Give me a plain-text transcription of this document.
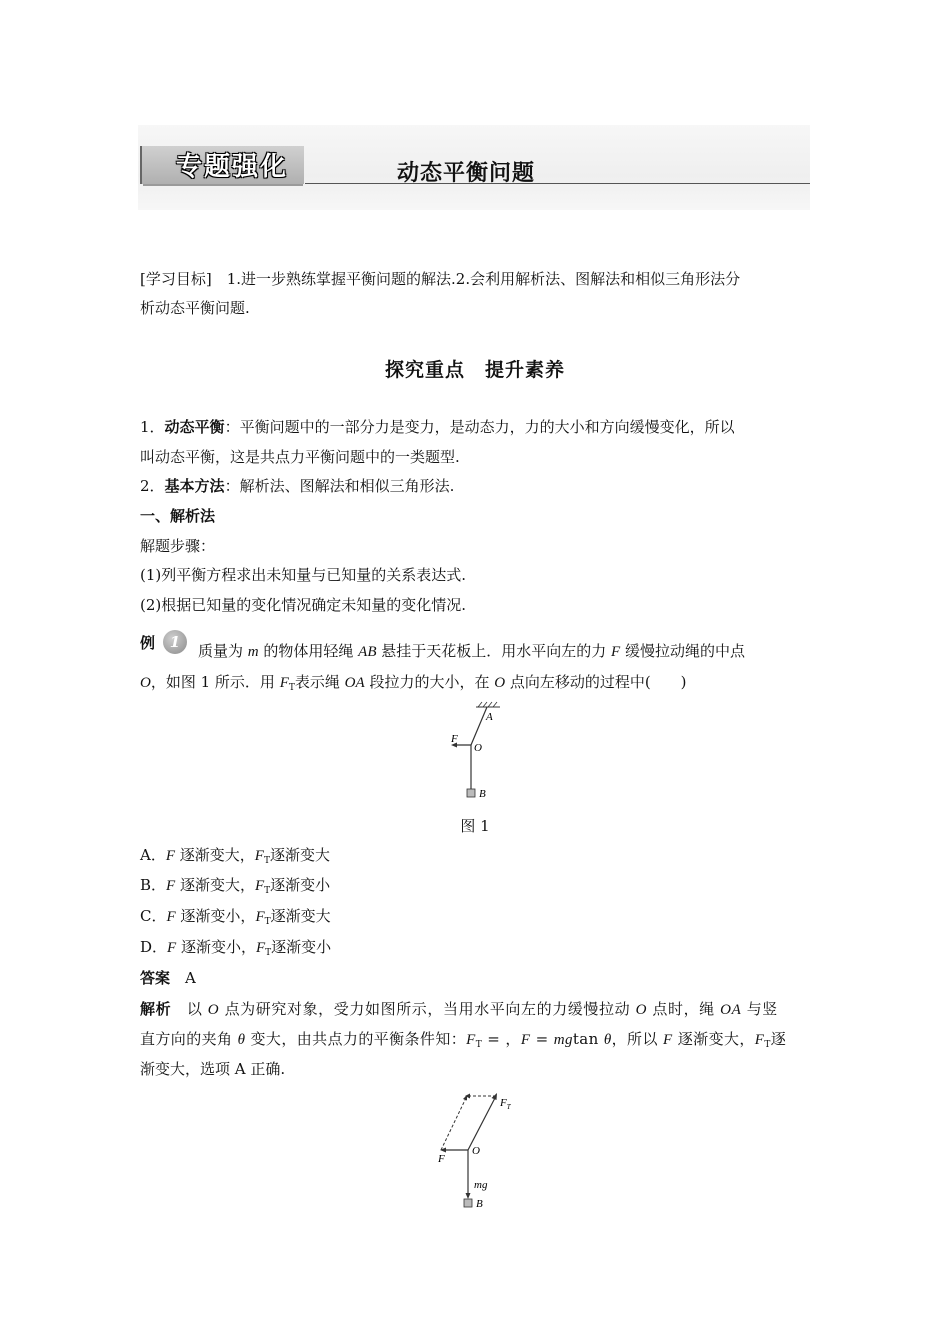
专题强化	动态平衡问题
[学习目标]　1.进一步熟练掌握平衡问题的解法.2.会利用解析法、图解法和相似三角形法分
析动态平衡问题.
探究重点　提升素养
1．动态平衡：平衡问题中的一部分力是变力，是动态力，力的大小和方向缓慢变化，所以
叫动态平衡，这是共点力平衡问题中的一类题型.
2．基本方法：解析法、图解法和相似三角形法.
一、解析法
解题步骤：
(1)列平衡方程求出未知量与已知量的关系表达式.
(2)根据已知量的变化情况确定未知量的变化情况.
例 1	质量为 m 的物体用轻绳 AB 悬挂于天花板上．用水平向左的力 F 缓慢拉动绳的中点
O，如图 1 所示．用 $F_T$表示绳 OA 段拉力的大小，在 O 点向左移动的过程中(　　)
A
O
F
B
图 1
A．F 逐渐变大，$F_T$逐渐变大
B．F 逐渐变大，$F_T$逐渐变小
C．F 逐渐变小，$F_T$逐渐变大
D．F 逐渐变小，$F_T$逐渐变小
答案　 A
解析　 以 O 点为研究对象，受力如图所示，当用水平向左的力缓慢拉动 O 点时，绳 OA 与竖
直方向的夹角 θ 变大，由共点力的平衡条件知：$F_T$ = ，F = mgtan θ，所以 F 逐渐变大，$F_T$逐
渐变大，选项 A 正确.
$F_T$
O
F
mg
B
